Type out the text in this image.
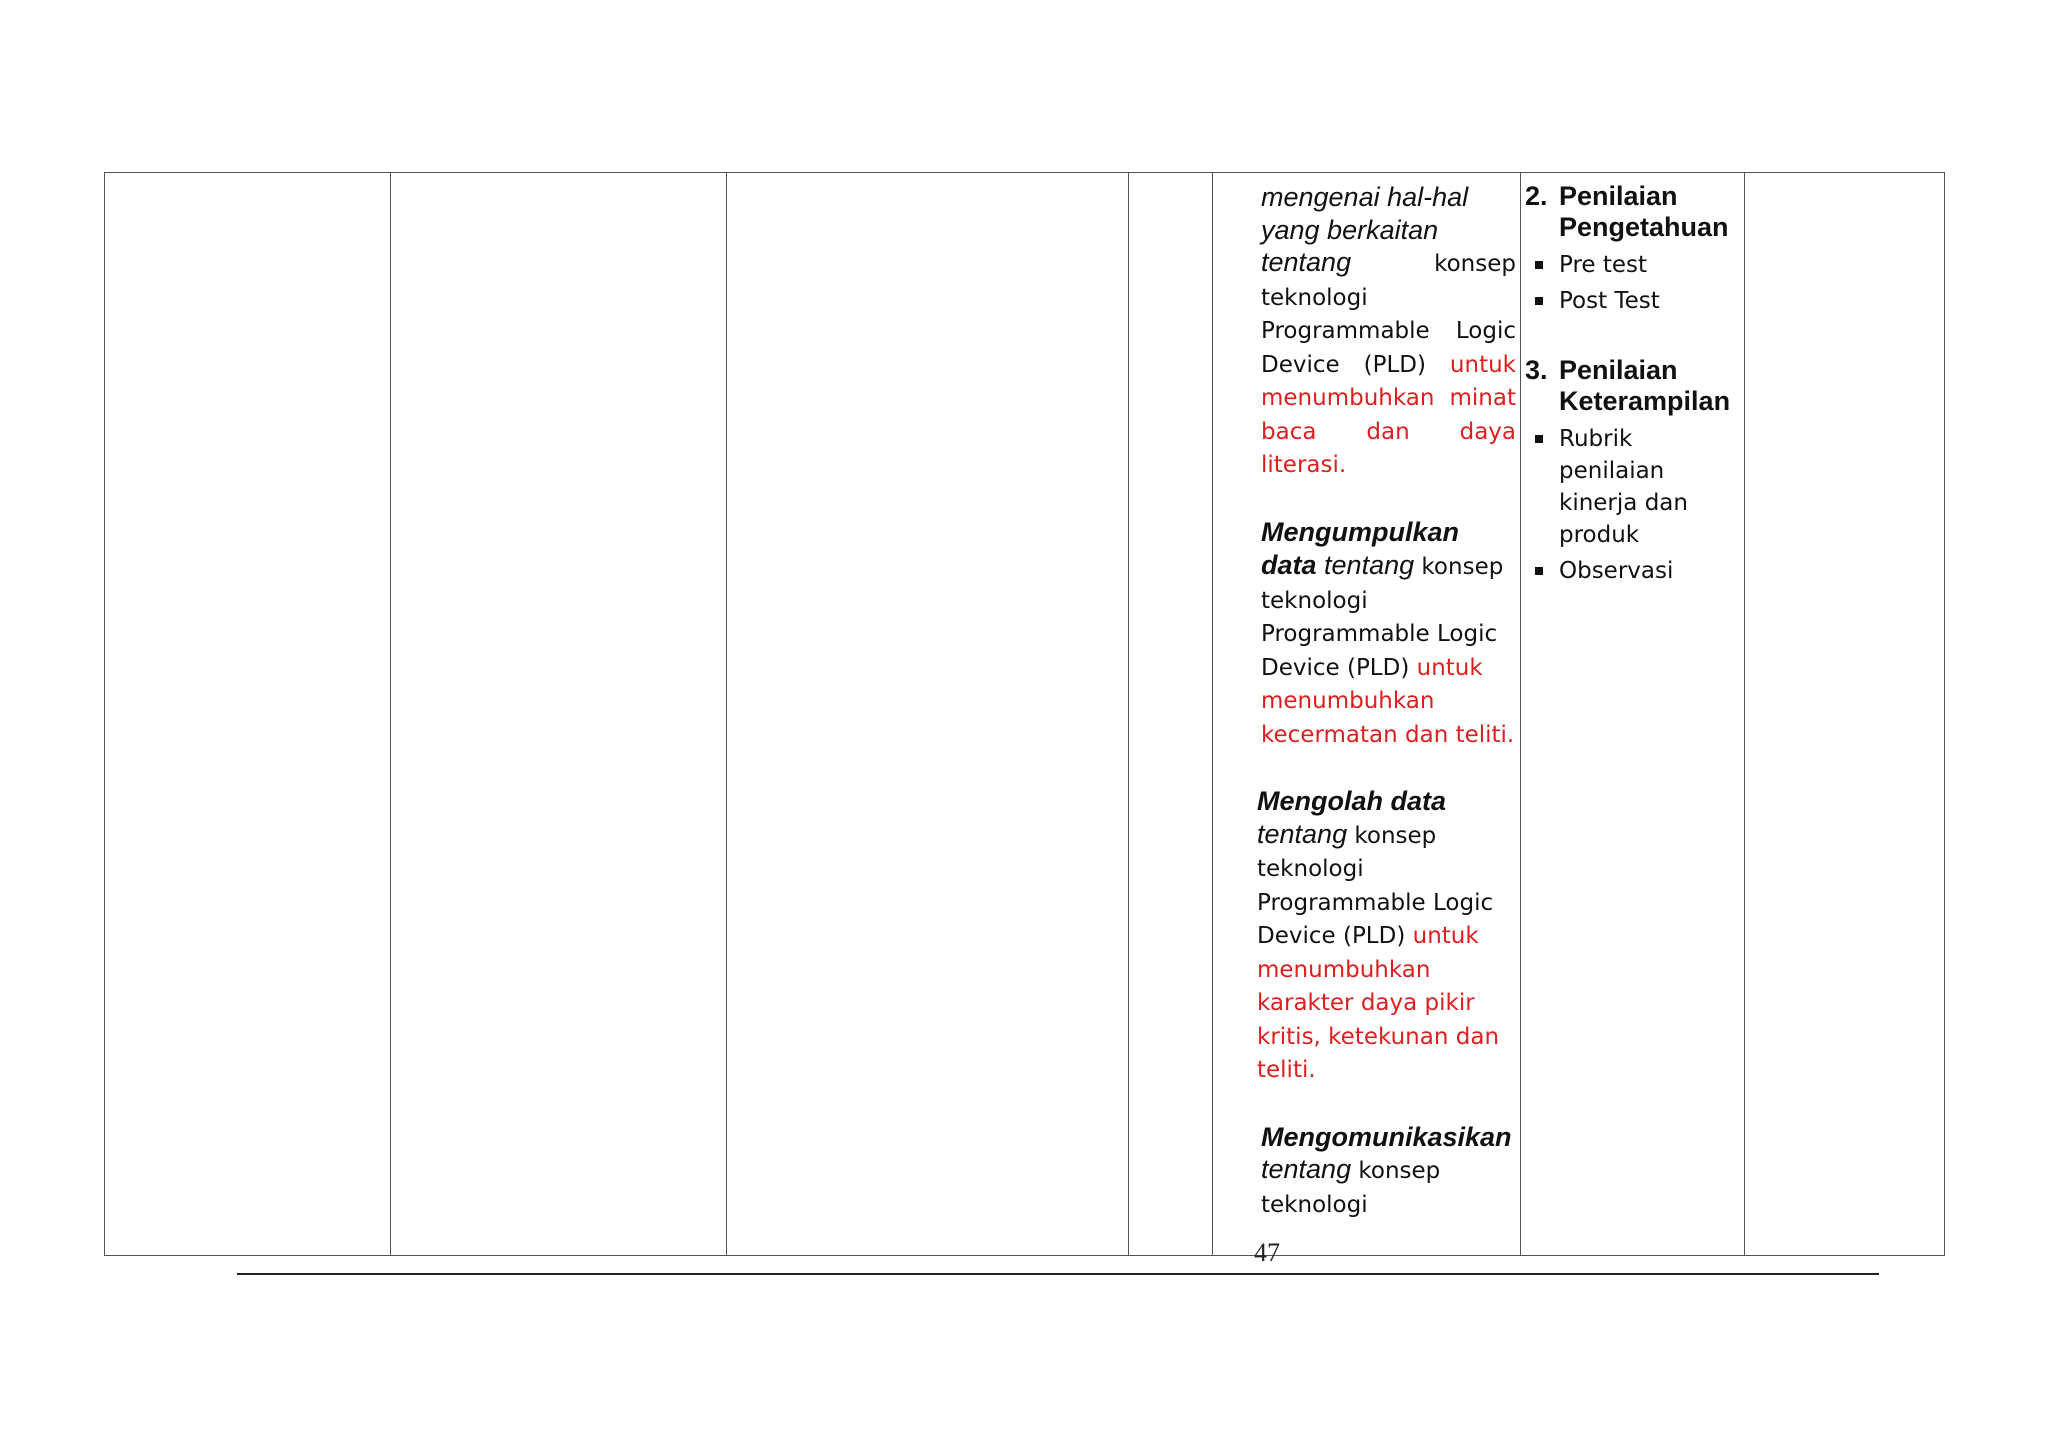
mengenai hal-hal yang berkaitan
tentang konsep teknologi Programmable Logic Device (PLD) untuk menumbuhkan minat baca dan daya literasi.
Mengumpulkan data tentang konsep teknologi Programmable Logic Device (PLD) untuk menumbuhkan kecermatan dan teliti.
Mengolah data
tentang konsep teknologi Programmable Logic Device (PLD) untuk menumbuhkan karakter daya pikir kritis, ketekunan dan teliti.
Mengomunikasikan
tentang konsep teknologi

2. Penilaian
Pengetahuan
Pre test
Post Test
3. Penilaian
Keterampilan
Rubrik penilaian kinerja dan produk
Observasi

47
